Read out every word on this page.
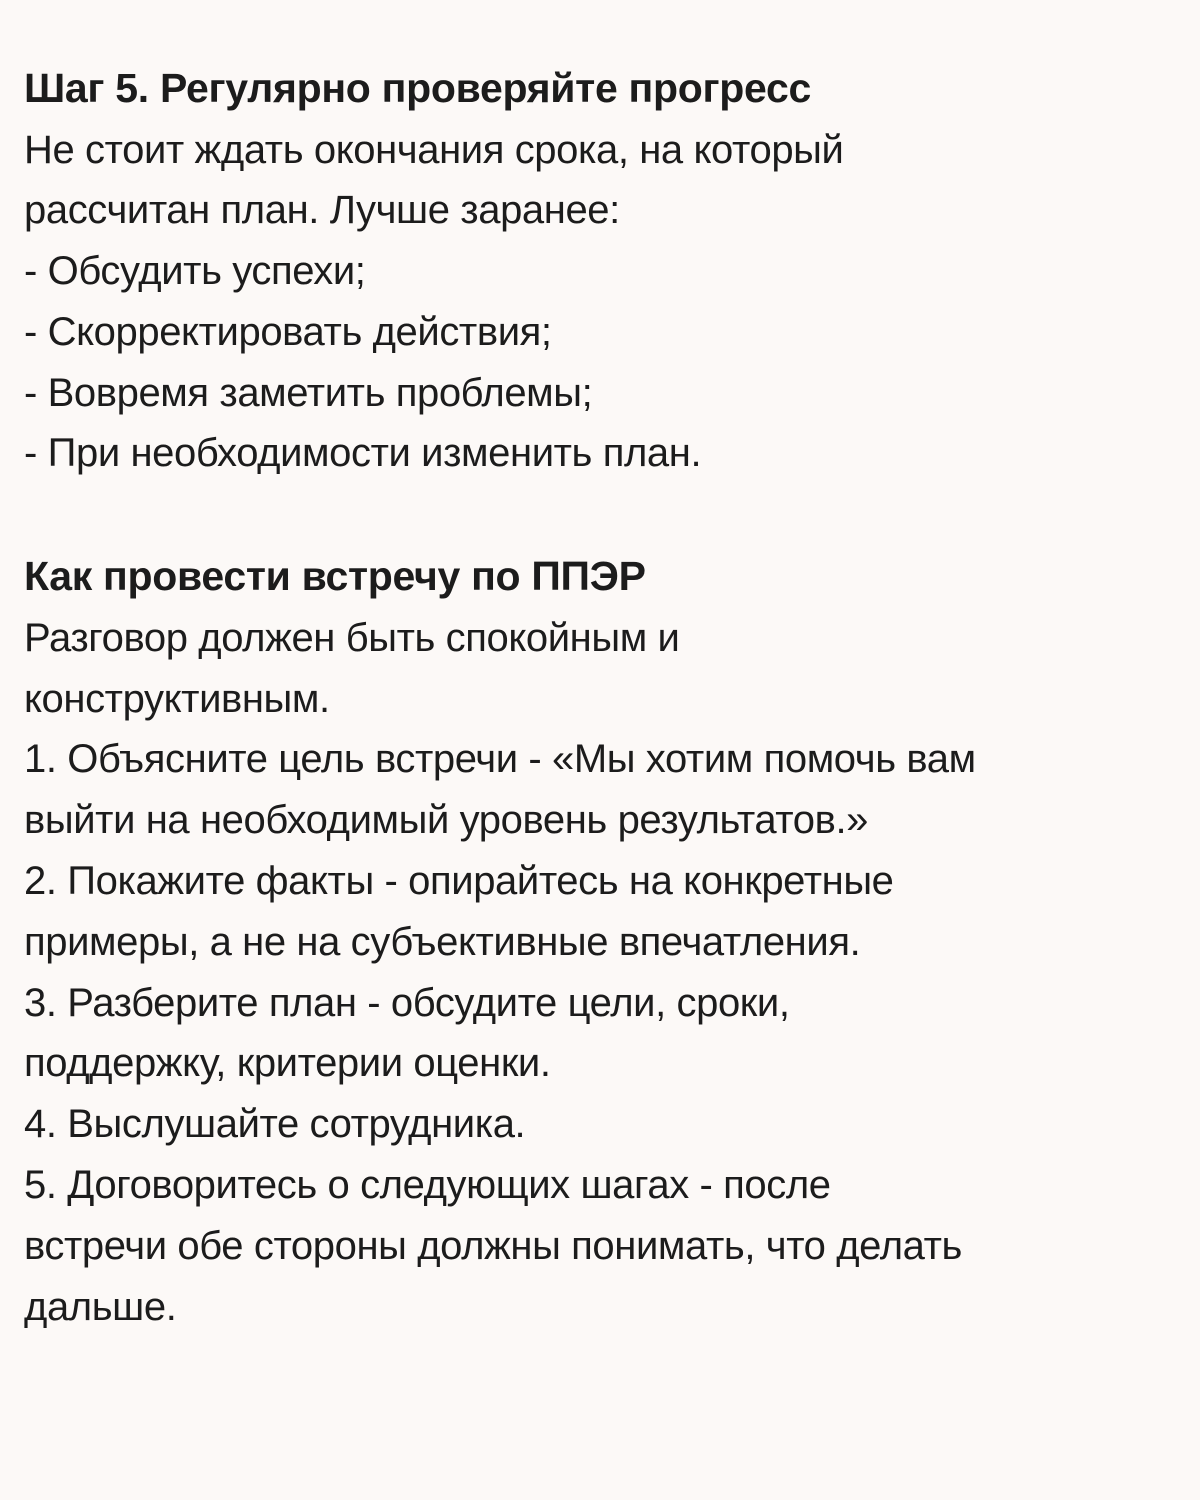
Шаг 5. Регулярно проверяйте прогресс

Не стоит ждать окончания срока, на который

рассчитан план. Лучше заранее:

- Обсудить успехи;

- Скорректировать действия;

- Вовремя заметить проблемы;

- При необходимости изменить план.

Как провести встречу по ППЭР

Разговор должен быть спокойным и

конструктивным.

1. Объясните цель встречи - «Мы хотим помочь вам

выйти на необходимый уровень результатов.»

2. Покажите факты - опирайтесь на конкретные

примеры, а не на субъективные впечатления.

3. Разберите план - обсудите цели, сроки,

поддержку, критерии оценки.

4. Выслушайте сотрудника.

5. Договоритесь о следующих шагах - после

встречи обе стороны должны понимать, что делать

дальше.
